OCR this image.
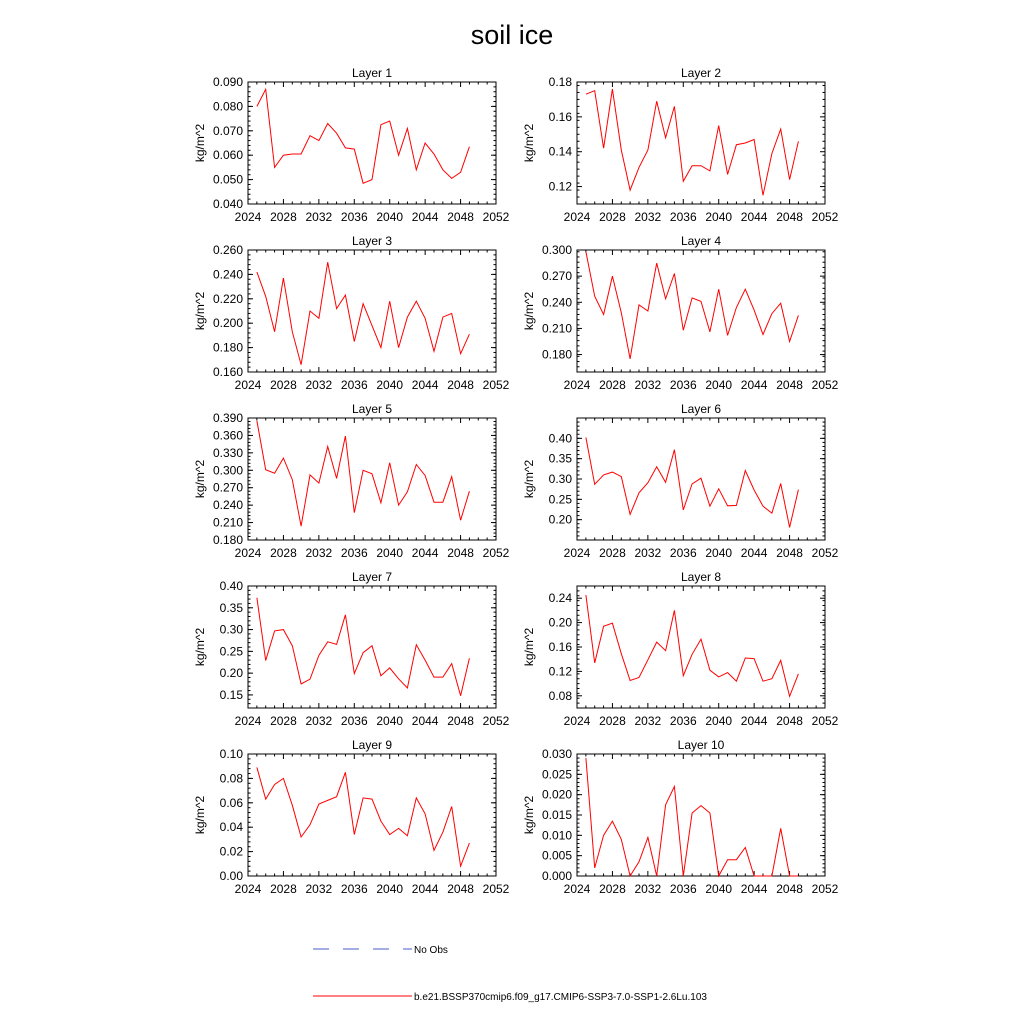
soil ice
Layer 1
kg/m^2
2024 2028 2032 2036 2040 2044 2048 2052
0.040
0.050
0.060
0.070
0.080
0.090
Layer 2
kg/m^2
2024 2028 2032 2036 2040 2044 2048 2052
0.12
0.14
0.16
0.18
Layer 3
kg/m^2
2024 2028 2032 2036 2040 2044 2048 2052
0.160
0.180
0.200
0.220
0.240
0.260
Layer 4
kg/m^2
2024 2028 2032 2036 2040 2044 2048 2052
0.180
0.210
0.240
0.270
0.300
Layer 5
kg/m^2
2024 2028 2032 2036 2040 2044 2048 2052
0.180
0.210
0.240
0.270
0.300
0.330
0.360
0.390
Layer 6
kg/m^2
2024 2028 2032 2036 2040 2044 2048 2052
0.20
0.25
0.30
0.35
0.40
Layer 7
kg/m^2
2024 2028 2032 2036 2040 2044 2048 2052
0.15
0.20
0.25
0.30
0.35
0.40
Layer 8
kg/m^2
2024 2028 2032 2036 2040 2044 2048 2052
0.08
0.12
0.16
0.20
0.24
Layer 9
kg/m^2
2024 2028 2032 2036 2040 2044 2048 2052
0.00
0.02
0.04
0.06
0.08
0.10
Layer 10
kg/m^2
2024 2028 2032 2036 2040 2044 2048 2052
0.000
0.005
0.010
0.015
0.020
0.025
0.030
No Obs
b.e21.BSSP370cmip6.f09_g17.CMIP6-SSP3-7.0-SSP1-2.6Lu.103
